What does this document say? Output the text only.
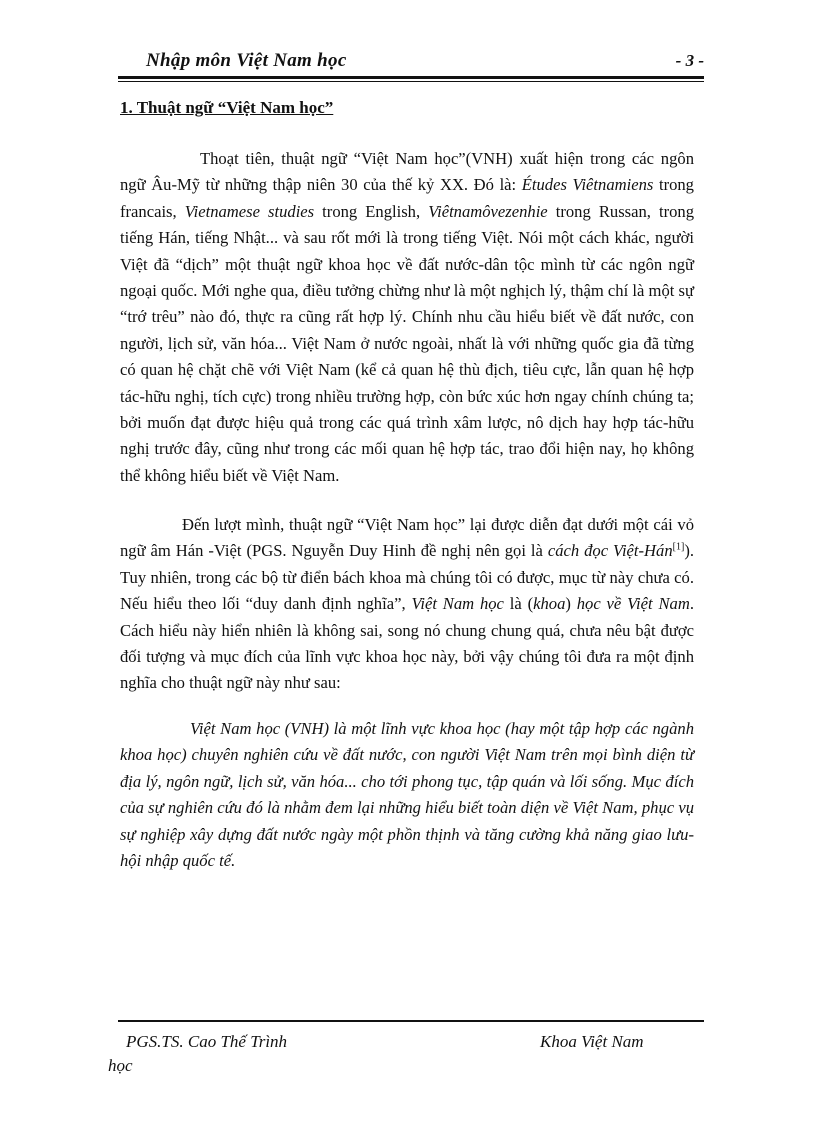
Nhập môn Việt Nam học	- 3 -
1. Thuật ngữ “Việt Nam học”

Thoạt tiên, thuật ngữ “Việt Nam học”(VNH) xuất hiện trong các ngôn ngữ Âu-Mỹ từ những thập niên 30 của thế kỷ XX. Đó là: Études Viêtnamiens trong francais, Vietnamese studies trong English, Viêtnamôvezenhie trong Russan, trong tiếng Hán, tiếng Nhật... và sau rốt mới là trong tiếng Việt. Nói một cách khác, người Việt đã “dịch” một thuật ngữ khoa học về đất nước-dân tộc mình từ các ngôn ngữ ngoại quốc. Mới nghe qua, điều tưởng chừng như là một nghịch lý, thậm chí là một sự “trớ trêu” nào đó, thực ra cũng rất hợp lý. Chính nhu cầu hiểu biết về đất nước, con người, lịch sử, văn hóa... Việt Nam ở nước ngoài, nhất là với những quốc gia đã từng có quan hệ chặt chẽ với Việt Nam (kể cả quan hệ thù địch, tiêu cực, lẫn quan hệ hợp tác-hữu nghị, tích cực) trong nhiều trường hợp, còn bức xúc hơn ngay chính chúng ta; bởi muốn đạt được hiệu quả trong các quá trình xâm lược, nô dịch hay hợp tác-hữu nghị trước đây, cũng như trong các mối quan hệ hợp tác, trao đổi hiện nay, họ không thể không hiểu biết về Việt Nam.

Đến lượt mình, thuật ngữ “Việt Nam học” lại được diễn đạt dưới một cái vỏ ngữ âm Hán -Việt (PGS. Nguyễn Duy Hinh đề nghị nên gọi là cách đọc Việt-Hán[1]). Tuy nhiên, trong các bộ từ điển bách khoa mà chúng tôi có được, mục từ này chưa có. Nếu hiểu theo lối “duy danh định nghĩa”, Việt Nam học là (khoa) học về Việt Nam. Cách hiểu này hiển nhiên là không sai, song nó chung chung quá, chưa nêu bật được đối tượng và mục đích của lĩnh vực khoa học này, bởi vậy chúng tôi đưa ra một định nghĩa cho thuật ngữ này như sau:

Việt Nam học (VNH) là một lĩnh vực khoa học (hay một tập hợp các ngành khoa học) chuyên nghiên cứu về đất nước, con người Việt Nam trên mọi bình diện từ địa lý, ngôn ngữ, lịch sử, văn hóa... cho tới phong tục, tập quán và lối sống. Mục đích của sự nghiên cứu đó là nhằm đem lại những hiểu biết toàn diện về Việt Nam, phục vụ sự nghiệp xây dựng đất nước ngày một phồn thịnh và tăng cường khả năng giao lưu-hội nhập quốc tế.

PGS.TS. Cao Thế Trình	Khoa Việt Nam
học
